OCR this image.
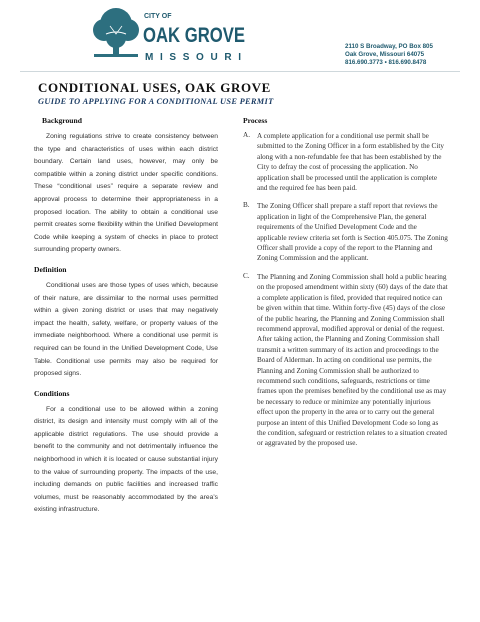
CITY OF
OAK GROVE
MISSOURI
2110 S Broadway, PO Box 805
Oak Grove, Missouri 64075
816.690.3773 • 816.690.8478
CONDITIONAL USES, OAK GROVE
GUIDE TO APPLYING FOR A CONDITIONAL USE PERMIT
Background
Zoning regulations strive to create consistency between the type and characteristics of uses within each district boundary. Certain land uses, however, may only be compatible within a zoning district under specific conditions. These “conditional uses” require a separate review and approval process to determine their appropriateness in a proposed location. The ability to obtain a conditional use permit creates some flexibility within the Unified Development Code while keeping a system of checks in place to protect surrounding property owners.
Definition
Conditional uses are those types of uses which, because of their nature, are dissimilar to the normal uses permitted within a given zoning district or uses that may negatively impact the health, safety, welfare, or property values of the immediate neighborhood. Where a conditional use permit is required can be found in the Unified Development Code, Use Table. Conditional use permits may also be required for proposed signs.
Conditions
For a conditional use to be allowed within a zoning district, its design and intensity must comply with all of the applicable district regulations. The use should provide a benefit to the community and not detrimentally influence the neighborhood in which it is located or cause substantial injury to the value of surrounding property. The impacts of the use, including demands on public facilities and increased traffic volumes, must be reasonably accommodated by the area’s existing infrastructure.
Process
A. A complete application for a conditional use permit shall be submitted to the Zoning Officer in a form established by the City along with a non-refundable fee that has been established by the City to defray the cost of processing the application. No application shall be processed until the application is complete and the required fee has been paid.
B. The Zoning Officer shall prepare a staff report that reviews the application in light of the Comprehensive Plan, the general requirements of the Unified Development Code and the applicable review criteria set forth is Section 405.075. The Zoning Officer shall provide a copy of the report to the Planning and Zoning Commission and the applicant.
C. The Planning and Zoning Commission shall hold a public hearing on the proposed amendment within sixty (60) days of the date that a complete application is filed, provided that required notice can be given within that time. Within forty-five (45) days of the close of the public hearing, the Planning and Zoning Commission shall recommend approval, modified approval or denial of the request. After taking action, the Planning and Zoning Commission shall transmit a written summary of its action and proceedings to the Board of Alderman. In acting on conditional use permits, the Planning and Zoning Commission shall be authorized to recommend such conditions, safeguards, restrictions or time frames upon the premises benefited by the conditional use as may be necessary to reduce or minimize any potentially injurious effect upon the property in the area or to carry out the general purpose an intent of this Unified Development Code so long as the condition, safeguard or restriction relates to a situation created or aggravated by the proposed use.
